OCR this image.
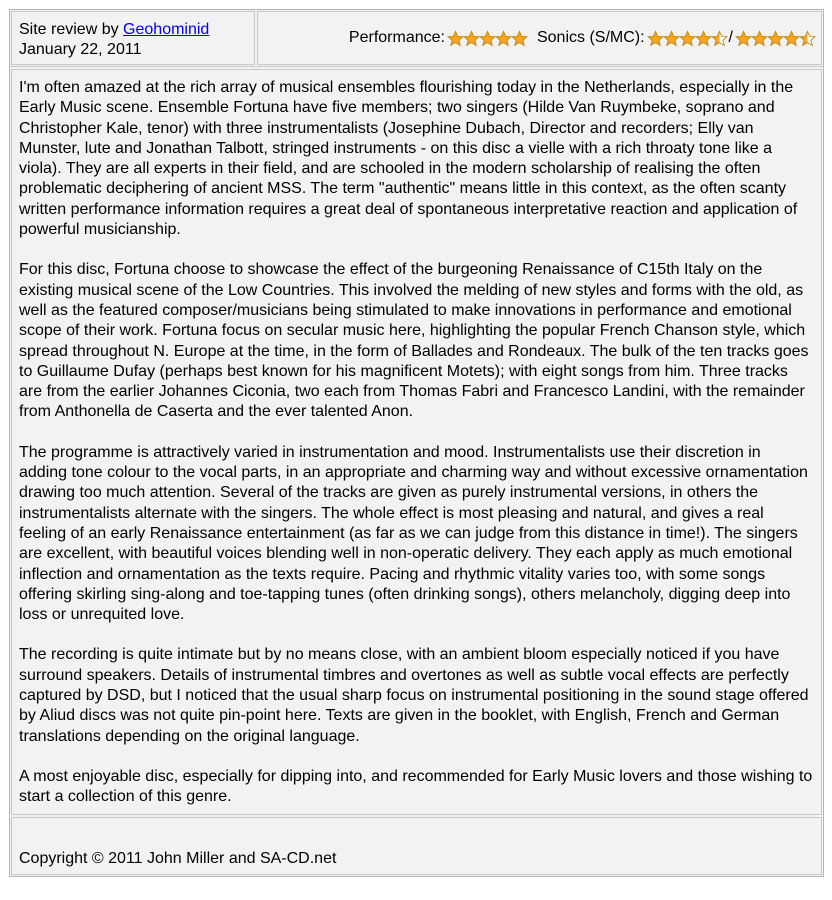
Site review by Geohominid
January 22, 2011
Performance:	Sonics (S/MC):	/

I'm often amazed at the rich array of musical ensembles flourishing today in the Netherlands, especially in the Early Music scene. Ensemble Fortuna have five members; two singers (Hilde Van Ruymbeke, soprano and Christopher Kale, tenor) with three instrumentalists (Josephine Dubach, Director and recorders; Elly van Munster, lute and Jonathan Talbott, stringed instruments - on this disc a vielle with a rich throaty tone like a viola). They are all experts in their field, and are schooled in the modern scholarship of realising the often problematic deciphering of ancient MSS. The term "authentic" means little in this context, as the often scanty written performance information requires a great deal of spontaneous interpretative reaction and application of powerful musicianship.

For this disc, Fortuna choose to showcase the effect of the burgeoning Renaissance of C15th Italy on the existing musical scene of the Low Countries. This involved the melding of new styles and forms with the old, as well as the featured composer/musicians being stimulated to make innovations in performance and emotional scope of their work. Fortuna focus on secular music here, highlighting the popular French Chanson style, which spread throughout N. Europe at the time, in the form of Ballades and Rondeaux. The bulk of the ten tracks goes to Guillaume Dufay (perhaps best known for his magnificent Motets); with eight songs from him. Three tracks are from the earlier Johannes Ciconia, two each from Thomas Fabri and Francesco Landini, with the remainder from Anthonella de Caserta and the ever talented Anon.

The programme is attractively varied in instrumentation and mood. Instrumentalists use their discretion in adding tone colour to the vocal parts, in an appropriate and charming way and without excessive ornamentation drawing too much attention. Several of the tracks are given as purely instrumental versions, in others the instrumentalists alternate with the singers. The whole effect is most pleasing and natural, and gives a real feeling of an early Renaissance entertainment (as far as we can judge from this distance in time!). The singers are excellent, with beautiful voices blending well in non-operatic delivery. They each apply as much emotional inflection and ornamentation as the texts require. Pacing and rhythmic vitality varies too, with some songs offering skirling sing-along and toe-tapping tunes (often drinking songs), others melancholy, digging deep into loss or unrequited love.

The recording is quite intimate but by no means close, with an ambient bloom especially noticed if you have surround speakers. Details of instrumental timbres and overtones as well as subtle vocal effects are perfectly captured by DSD, but I noticed that the usual sharp focus on instrumental positioning in the sound stage offered by Aliud discs was not quite pin-point here. Texts are given in the booklet, with English, French and German translations depending on the original language.

A most enjoyable disc, especially for dipping into, and recommended for Early Music lovers and those wishing to start a collection of this genre.

Copyright © 2011 John Miller and SA-CD.net
